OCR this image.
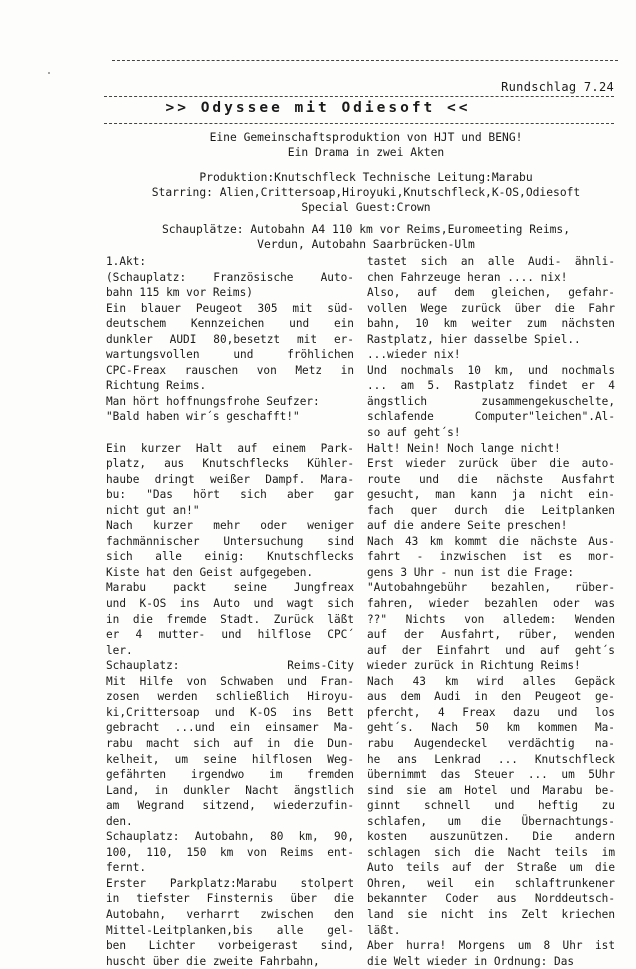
Rundschlag 7.24
>> Odyssee mit Odiesoft <<
Eine Gemeinschaftsproduktion von HJT und BENG!
Ein Drama in zwei Akten
Produktion:Knutschfleck Technische Leitung:Marabu
Starring: Alien,Crittersoap,Hiroyuki,Knutschfleck,K-OS,Odiesoft
Special Guest:Crown
Schauplätze: Autobahn A4 110 km vor Reims,Euromeeting Reims,
Verdun, Autobahn Saarbrücken-Ulm
1.Akt:
(Schauplatz: Französische Auto-
bahn 115 km vor Reims)
Ein blauer Peugeot 305 mit süd-
deutschem Kennzeichen und ein
dunkler AUDI 80,besetzt mit er-
wartungsvollen und fröhlichen
CPC-Freax rauschen von Metz in
Richtung Reims.
Man hört hoffnungsfrohe Seufzer:
"Bald haben wir´s geschafft!"
Ein kurzer Halt auf einem Park-
platz, aus Knutschflecks Kühler-
haube dringt weißer Dampf. Mara-
bu: "Das hört sich aber gar
nicht gut an!"
Nach kurzer mehr oder weniger
fachmännischer Untersuchung sind
sich alle einig: Knutschflecks
Kiste hat den Geist aufgegeben.
Marabu packt seine Jungfreax
und K-OS ins Auto und wagt sich
in die fremde Stadt. Zurück läßt
er 4 mutter- und hilflose CPC´
ler.
Schauplatz: Reims-City
Mit Hilfe von Schwaben und Fran-
zosen werden schließlich Hiroyu-
ki,Crittersoap und K-OS ins Bett
gebracht ...und ein einsamer Ma-
rabu macht sich auf in die Dun-
kelheit, um seine hilflosen Weg-
gefährten irgendwo im fremden
Land, in dunkler Nacht ängstlich
am Wegrand sitzend, wiederzufin-
den.
Schauplatz: Autobahn, 80 km, 90,
100, 110, 150 km von Reims ent-
fernt.
Erster Parkplatz:Marabu stolpert
in tiefster Finsternis über die
Autobahn, verharrt zwischen den
Mittel-Leitplanken,bis alle gel-
ben Lichter vorbeigerast sind,
huscht über die zweite Fahrbahn,
tastet sich an alle Audi- ähnli-
chen Fahrzeuge heran .... nix!
Also, auf dem gleichen, gefahr-
vollen Wege zurück über die Fahr
bahn, 10 km weiter zum nächsten
Rastplatz, hier dasselbe Spiel..
...wieder nix!
Und nochmals 10 km, und nochmals
... am 5. Rastplatz findet er 4
ängstlich zusammengekuschelte,
schlafende Computer"leichen".Al-
so auf geht´s!
Halt! Nein! Noch lange nicht!
Erst wieder zurück über die auto-
route und die nächste Ausfahrt
gesucht, man kann ja nicht ein-
fach quer durch die Leitplanken
auf die andere Seite preschen!
Nach 43 km kommt die nächste Aus-
fahrt - inzwischen ist es mor-
gens 3 Uhr - nun ist die Frage:
"Autobahngebühr bezahlen, rüber-
fahren, wieder bezahlen oder was
??" Nichts von alledem: Wenden
auf der Ausfahrt, rüber, wenden
auf der Einfahrt und auf geht´s
wieder zurück in Richtung Reims!
Nach 43 km wird alles Gepäck
aus dem Audi in den Peugeot ge-
pfercht, 4 Freax dazu und los
geht´s. Nach 50 km kommen Ma-
rabu Augendeckel verdächtig na-
he ans Lenkrad ... Knutschfleck
übernimmt das Steuer ... um 5Uhr
sind sie am Hotel und Marabu be-
ginnt schnell und heftig zu
schlafen, um die Übernachtungs-
kosten auszunützen. Die andern
schlagen sich die Nacht teils im
Auto teils auf der Straße um die
Ohren, weil ein schlaftrunkener
bekannter Coder aus Norddeutsch-
land sie nicht ins Zelt kriechen
läßt.
Aber hurra! Morgens um 8 Uhr ist
die Welt wieder in Ordnung: Das
